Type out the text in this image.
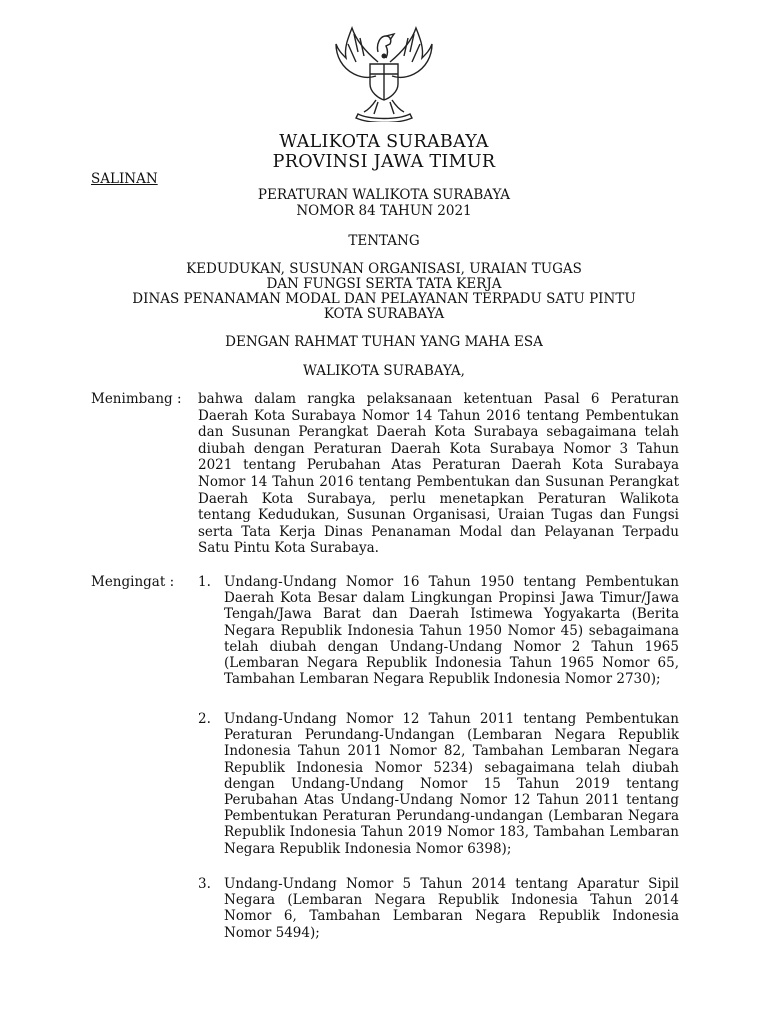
WALIKOTA SURABAYA
PROVINSI JAWA TIMUR
SALINAN
PERATURAN WALIKOTA SURABAYA
NOMOR 84 TAHUN 2021
TENTANG
KEDUDUKAN, SUSUNAN ORGANISASI, URAIAN TUGAS
DAN FUNGSI SERTA TATA KERJA
DINAS PENANAMAN MODAL DAN PELAYANAN TERPADU SATU PINTU
KOTA SURABAYA
DENGAN RAHMAT TUHAN YANG MAHA ESA
WALIKOTA SURABAYA,
Menimbang : bahwa dalam rangka pelaksanaan ketentuan Pasal 6 Peraturan Daerah Kota Surabaya Nomor 14 Tahun 2016 tentang Pembentukan dan Susunan Perangkat Daerah Kota Surabaya sebagaimana telah diubah dengan Peraturan Daerah Kota Surabaya Nomor 3 Tahun 2021 tentang Perubahan Atas Peraturan Daerah Kota Surabaya Nomor 14 Tahun 2016 tentang Pembentukan dan Susunan Perangkat Daerah Kota Surabaya, perlu menetapkan Peraturan Walikota tentang Kedudukan, Susunan Organisasi, Uraian Tugas dan Fungsi serta Tata Kerja Dinas Penanaman Modal dan Pelayanan Terpadu Satu Pintu Kota Surabaya.

Mengingat : 1. Undang-Undang Nomor 16 Tahun 1950 tentang Pembentukan Daerah Kota Besar dalam Lingkungan Propinsi Jawa Timur/Jawa Tengah/Jawa Barat dan Daerah Istimewa Yogyakarta (Berita Negara Republik Indonesia Tahun 1950 Nomor 45) sebagaimana telah diubah dengan Undang-Undang Nomor 2 Tahun 1965 (Lembaran Negara Republik Indonesia Tahun 1965 Nomor 65, Tambahan Lembaran Negara Republik Indonesia Nomor 2730);

2. Undang-Undang Nomor 12 Tahun 2011 tentang Pembentukan Peraturan Perundang-Undangan (Lembaran Negara Republik Indonesia Tahun 2011 Nomor 82, Tambahan Lembaran Negara Republik Indonesia Nomor 5234) sebagaimana telah diubah dengan Undang-Undang Nomor 15 Tahun 2019 tentang Perubahan Atas Undang-Undang Nomor 12 Tahun 2011 tentang Pembentukan Peraturan Perundang-undangan (Lembaran Negara Republik Indonesia Tahun 2019 Nomor 183, Tambahan Lembaran Negara Republik Indonesia Nomor 6398);

3. Undang-Undang Nomor 5 Tahun 2014 tentang Aparatur Sipil Negara (Lembaran Negara Republik Indonesia Tahun 2014 Nomor 6, Tambahan Lembaran Negara Republik Indonesia Nomor 5494);
